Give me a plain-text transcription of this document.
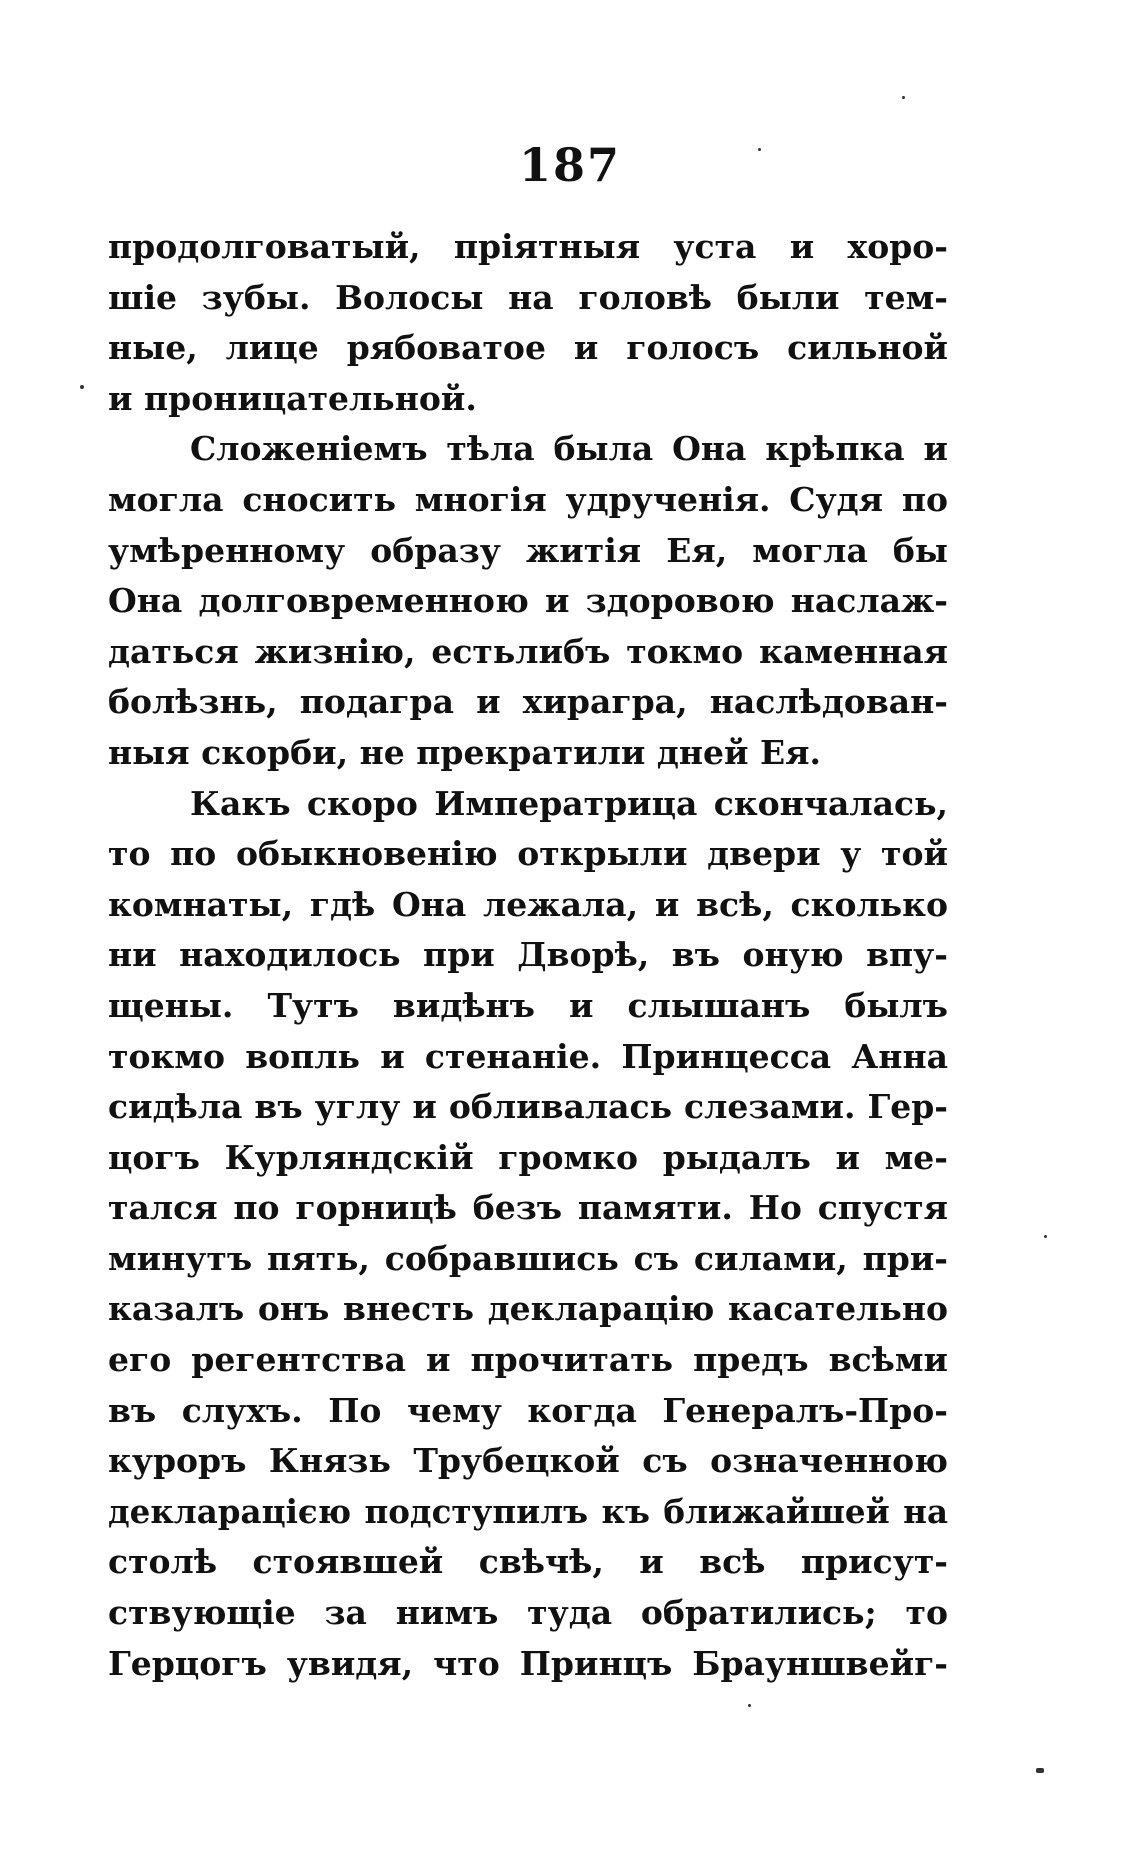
187
продолговатый, пріятныя уста и хоро-
шіе зубы. Волосы на головѣ были тем-
ные, лице рябоватое и голосъ сильной
и проницательной.
Сложеніемъ тѣла была Она крѣпка и
могла сносить многія удрученія. Судя по
умѣренному образу житія Ея, могла бы
Она долговременною и здоровою наслаж-
даться жизнію, естьлибъ токмо каменная
болѣзнь, подагра и хирагра, наслѣдован-
ныя скорби, не прекратили дней Ея.
Какъ скоро Императрица скончалась,
то по обыкновенію открыли двери у той
комнаты, гдѣ Она лежала, и всѣ, сколько
ни находилось при Дворѣ, въ оную впу-
щены. Тутъ видѣнъ и слышанъ былъ
токмо вопль и стенаніе. Принцесса Анна
сидѣла въ углу и обливалась слезами. Гер-
цогъ Курляндскій громко рыдалъ и ме-
тался по горницѣ безъ памяти. Но спустя
минутъ пять, собравшись съ силами, при-
казалъ онъ внесть декларацію касательно
его регентства и прочитать предъ всѣми
въ слухъ. По чему когда Генералъ-Про-
куроръ Князь Трубецкой съ означенною
декларацією подступилъ къ ближайшей на
столѣ стоявшей свѣчѣ, и всѣ присут-
ствующіе за нимъ туда обратились; то
Герцогъ увидя, что Принцъ Брауншвейг-
